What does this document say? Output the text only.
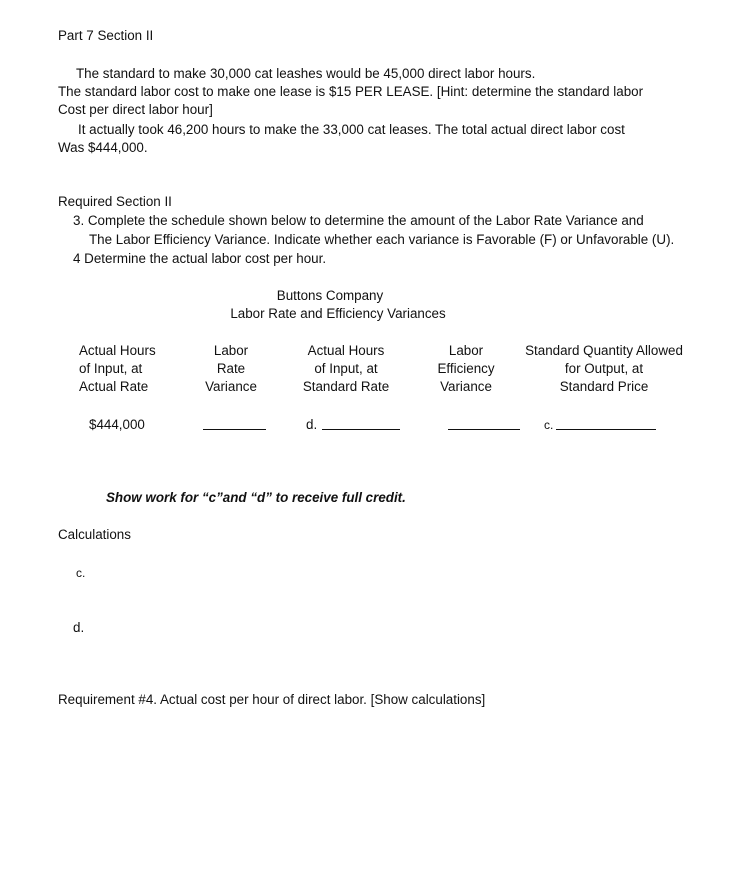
Part 7 Section II
The standard to make 30,000 cat leashes would be 45,000 direct labor hours.
The standard labor cost to make one lease is $15 PER LEASE. [Hint: determine the standard labor
Cost per direct labor hour]
It actually took 46,200 hours to make the 33,000 cat leases. The total actual direct labor cost
Was $444,000.
Required Section II
3. Complete the schedule shown below to determine the amount of the Labor Rate Variance and
The Labor Efficiency Variance. Indicate whether each variance is Favorable (F) or Unfavorable (U).
4 Determine the actual labor cost per hour.
Buttons Company
Labor Rate and Efficiency Variances
Actual Hours
of Input, at
Actual Rate
Labor
Rate
Variance
Actual Hours
of Input, at
Standard Rate
Labor
Efficiency
Variance
Standard Quantity Allowed
for Output, at
Standard Price
$444,000	d.	c.
Show work for “c”and “d” to receive full credit.
Calculations
c.
d.
Requirement #4. Actual cost per hour of direct labor. [Show calculations]
